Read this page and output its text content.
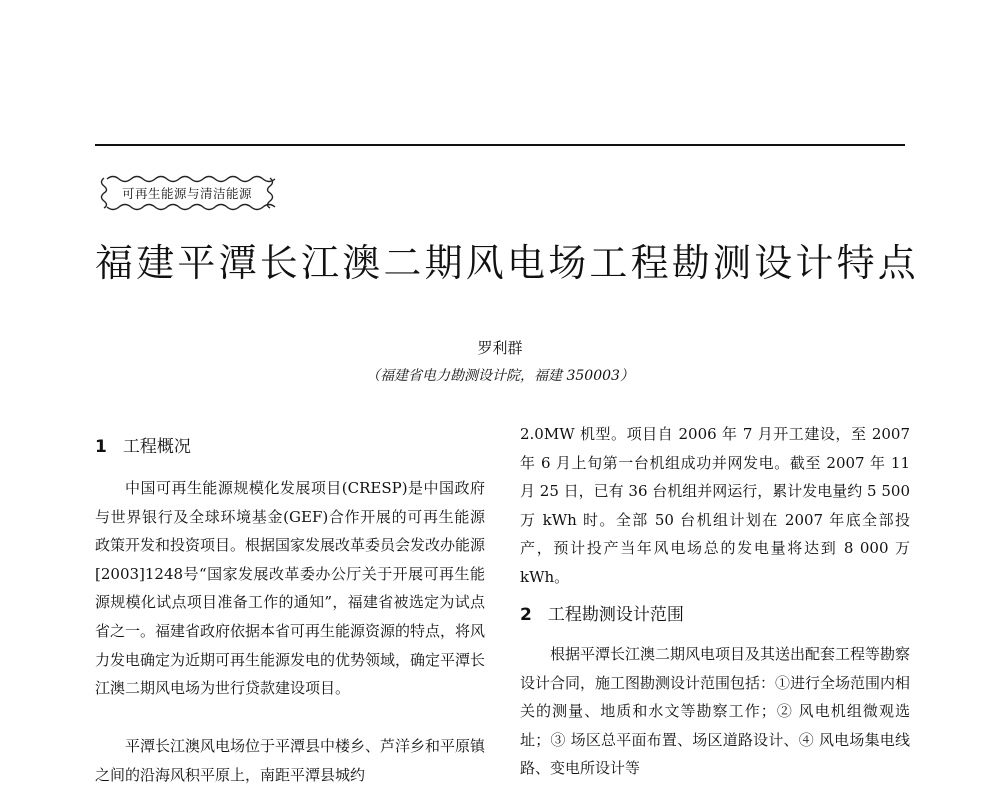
可再生能源与清洁能源
福建平潭长江澳二期风电场工程勘测设计特点
罗利群
（福建省电力勘测设计院，福建 350003）
1 工程概况

中国可再生能源规模化发展项目(CRESP)是中国政府与世界银行及全球环境基金(GEF)合作开展的可再生能源政策开发和投资项目。根据国家发展改革委员会发改办能源[2003]1248号“国家发展改革委办公厅关于开展可再生能源规模化试点项目准备工作的通知”，福建省被选定为试点省之一。福建省政府依据本省可再生能源资源的特点，将风力发电确定为近期可再生能源发电的优势领域，确定平潭长江澳二期风电场为世行贷款建设项目。

平潭长江澳风电场位于平潭县中楼乡、芦洋乡和平原镇之间的沿海风积平原上，南距平潭县城约

2.0MW 机型。项目自 2006 年 7 月开工建设，至 2007 年 6 月上旬第一台机组成功并网发电。截至 2007 年 11 月 25 日，已有 36 台机组并网运行，累计发电量约 5 500 万 kWh 时。全部 50 台机组计划在 2007 年底全部投产，预计投产当年风电场总的发电量将达到 8 000 万 kWh。

2 工程勘测设计范围

根据平潭长江澳二期风电项目及其送出配套工程等勘察设计合同，施工图勘测设计范围包括：①进行全场范围内相关的测量、地质和水文等勘察工作；② 风电机组微观选址；③ 场区总平面布置、场区道路设计、④ 风电场集电线路、变电所设计等
